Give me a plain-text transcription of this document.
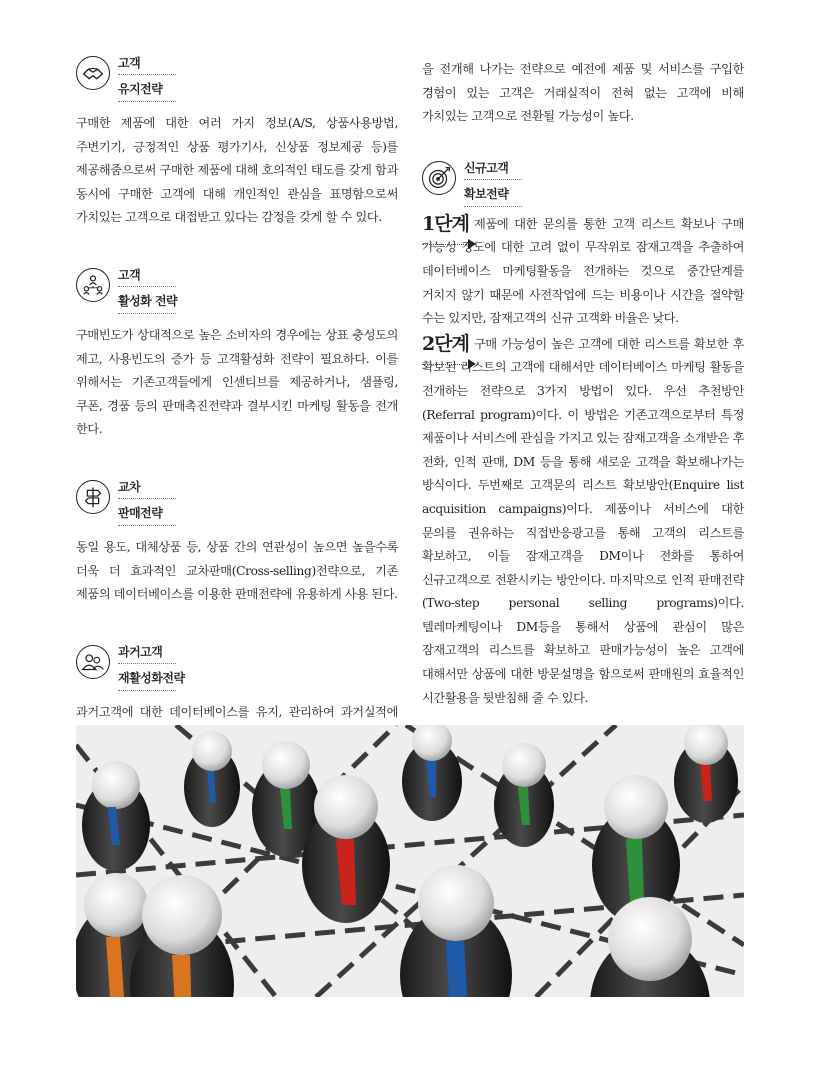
고객
유지전략

구매한 제품에 대한 여러 가지 정보(A/S, 상품사용방법, 주변기기, 긍정적인 상품 평가기사, 신상품 정보제공 등)를 제공해줌으로써 구매한 제품에 대해 호의적인 태도를 갖게 함과 동시에 구매한 고객에 대해 개인적인 관심을 표명함으로써 가치있는 고객으로 대접받고 있다는 감정을 갖게 할 수 있다.

고객
활성화 전략

구매빈도가 상대적으로 높은 소비자의 경우에는 상표 충성도의 제고, 사용빈도의 증가 등 고객활성화 전략이 필요하다. 이를 위해서는 기존고객들에게 인센티브를 제공하거나, 샘플링, 쿠폰, 경품 등의 판매촉진전략과 결부시킨 마케팅 활동을 전개 한다.

교차
판매전략

동일 용도, 대체상품 등, 상품 간의 연관성이 높으면 높을수록 더욱 더 효과적인 교차판매(Cross-selling)전략으로, 기존 제품의 데이터베이스를 이용한 판매전략에 유용하게 사용 된다.

과거고객
재활성화전략

과거고객에 대한 데이터베이스를 유지, 관리하여 과거실적에

을 전개해 나가는 전략으로 예전에 제품 및 서비스를 구입한 경험이 있는 고객은 거래실적이 전혀 없는 고객에 비해 가치있는 고객으로 전환될 가능성이 높다.

신규고객
확보전략
1단계 제품에 대한 문의를 통한 고객 리스트 확보나 구매 가능성 정도에 대한 고려 없이 무작위로 잠재고객을 추출하여 데이터베이스 마케팅활동을 전개하는 것으로 중간단계를 거치지 않기 때문에 사전작업에 드는 비용이나 시간을 절약할 수는 있지만, 잠재고객의 신규 고객화 비율은 낮다.

2단계 구매 가능성이 높은 고객에 대한 리스트를 확보한 후 확보된 리스트의 고객에 대해서만 데이터베이스 마케팅 활동을 전개하는 전략으로 3가지 방법이 있다. 우선 추천방안(Referral program)이다. 이 방법은 기존고객으로부터 특정 제품이나 서비스에 관심을 가지고 있는 잠재고객을 소개받은 후 전화, 인적 판매, DM 등을 통해 새로운 고객을 확보해나가는 방식이다. 두번째로 고객문의 리스트 확보방안(Enquire list acquisition campaigns)이다. 제품이나 서비스에 대한 문의를 권유하는 직접반응광고를 통해 고객의 리스트를 확보하고, 이들 잠재고객을 DM이나 전화를 통하여 신규고객으로 전환시키는 방안이다. 마지막으로 인적 판매전략(Two-step personal selling programs)이다. 텔레마케팅이나 DM등을 통해서 상품에 관심이 많은 잠재고객의 리스트를 확보하고 판매가능성이 높은 고객에 대해서만 상품에 대한 방문설명을 함으로써 판매원의 효율적인 시간활용을 뒷받침해 줄 수 있다.
